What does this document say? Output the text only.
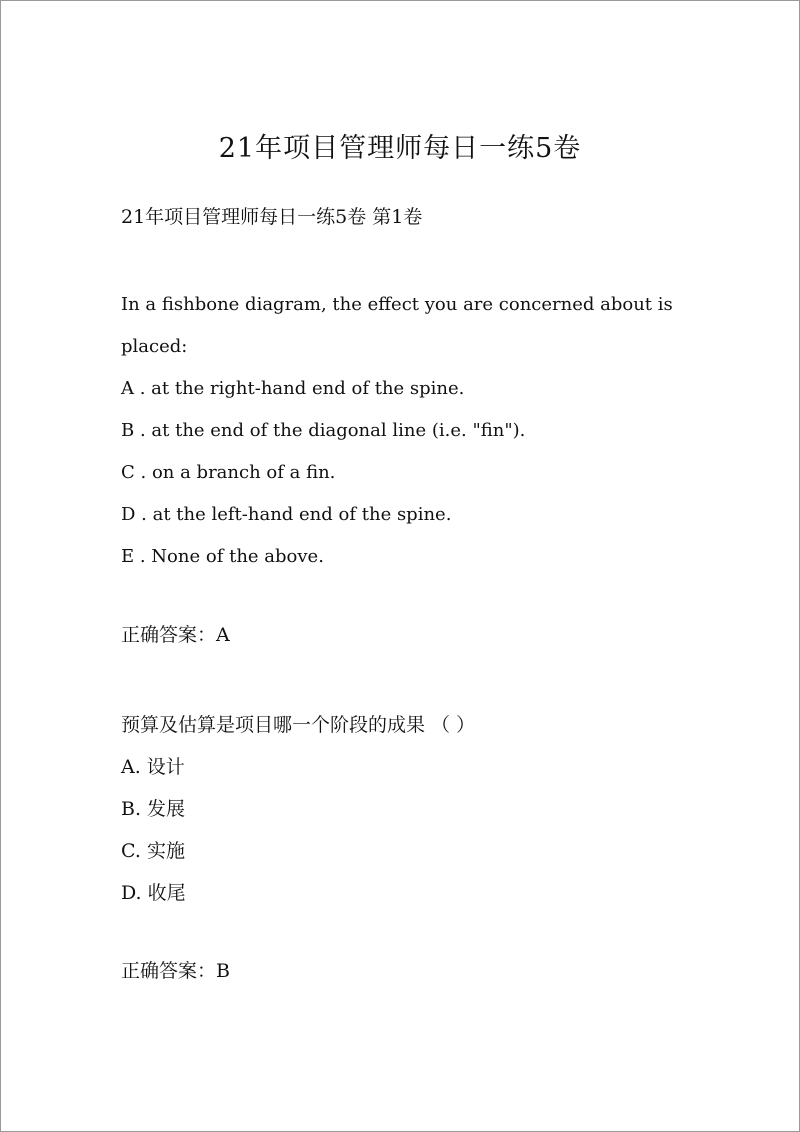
21年项目管理师每日一练5卷
21年项目管理师每日一练5卷 第1卷
In a fishbone diagram, the effect you are concerned about is placed:
A . at the right-hand end of the spine.
B . at the end of the diagonal line (i.e. "fin").
C . on a branch of a fin.
D . at the left-hand end of the spine.
E . None of the above.
正确答案：A
预算及估算是项目哪一个阶段的成果 （ ）
A. 设计
B. 发展
C. 实施
D. 收尾
正确答案：B
